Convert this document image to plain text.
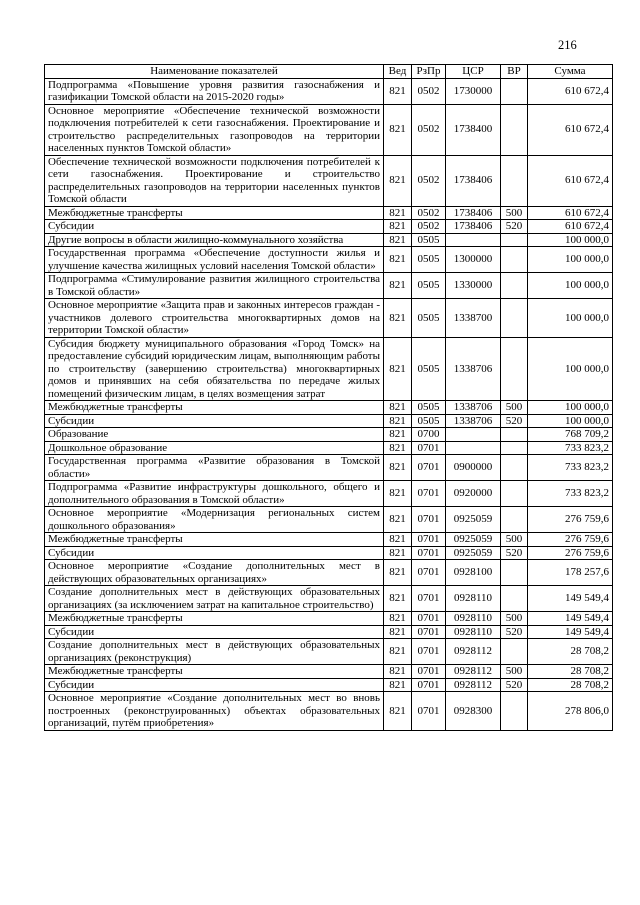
216
Наименование показателей	Вед	РзПр	ЦСР	ВР	Сумма
Подпрограмма «Повышение уровня развития газоснабжения и газификации Томской области на 2015-2020 годы»	821	0502	1730000		610 672,4
Основное мероприятие «Обеспечение технической возможности подключения потребителей к сети газоснабжения. Проектирование и строительство распределительных газопроводов на территории населенных пунктов Томской области»	821	0502	1738400		610 672,4
Обеспечение технической возможности подключения потребителей к сети газоснабжения. Проектирование и строительство распределительных газопроводов на территории населенных пунктов Томской области	821	0502	1738406		610 672,4
Межбюджетные трансферты	821	0502	1738406	500	610 672,4
Субсидии	821	0502	1738406	520	610 672,4
Другие вопросы в области жилищно-коммунального хозяйства	821	0505			100 000,0
Государственная программа «Обеспечение доступности жилья и улучшение качества жилищных условий населения Томской области»	821	0505	1300000		100 000,0
Подпрограмма «Стимулирование развития жилищного строительства в Томской области»	821	0505	1330000		100 000,0
Основное мероприятие «Защита прав и законных интересов граждан - участников долевого строительства многоквартирных домов на территории Томской области»	821	0505	1338700		100 000,0
Субсидия бюджету муниципального образования «Город Томск» на предоставление субсидий юридическим лицам, выполняющим работы по строительству (завершению строительства) многоквартирных домов и принявших на себя обязательства по передаче жилых помещений физическим лицам, в целях возмещения затрат	821	0505	1338706		100 000,0
Межбюджетные трансферты	821	0505	1338706	500	100 000,0
Субсидии	821	0505	1338706	520	100 000,0
Образование	821	0700			768 709,2
Дошкольное образование	821	0701			733 823,2
Государственная программа «Развитие образования в Томской области»	821	0701	0900000		733 823,2
Подпрограмма «Развитие инфраструктуры дошкольного, общего и дополнительного образования в Томской области»	821	0701	0920000		733 823,2
Основное мероприятие «Модернизация региональных систем дошкольного образования»	821	0701	0925059		276 759,6
Межбюджетные трансферты	821	0701	0925059	500	276 759,6
Субсидии	821	0701	0925059	520	276 759,6
Основное мероприятие «Создание дополнительных мест в действующих образовательных организациях»	821	0701	0928100		178 257,6
Создание дополнительных мест в действующих образовательных организациях (за исключением затрат на капитальное строительство)	821	0701	0928110		149 549,4
Межбюджетные трансферты	821	0701	0928110	500	149 549,4
Субсидии	821	0701	0928110	520	149 549,4
Создание дополнительных мест в действующих образовательных организациях (реконструкция)	821	0701	0928112		28 708,2
Межбюджетные трансферты	821	0701	0928112	500	28 708,2
Субсидии	821	0701	0928112	520	28 708,2
Основное мероприятие «Создание дополнительных мест во вновь построенных (реконструированных) объектах образовательных организаций, путём приобретения»	821	0701	0928300		278 806,0
